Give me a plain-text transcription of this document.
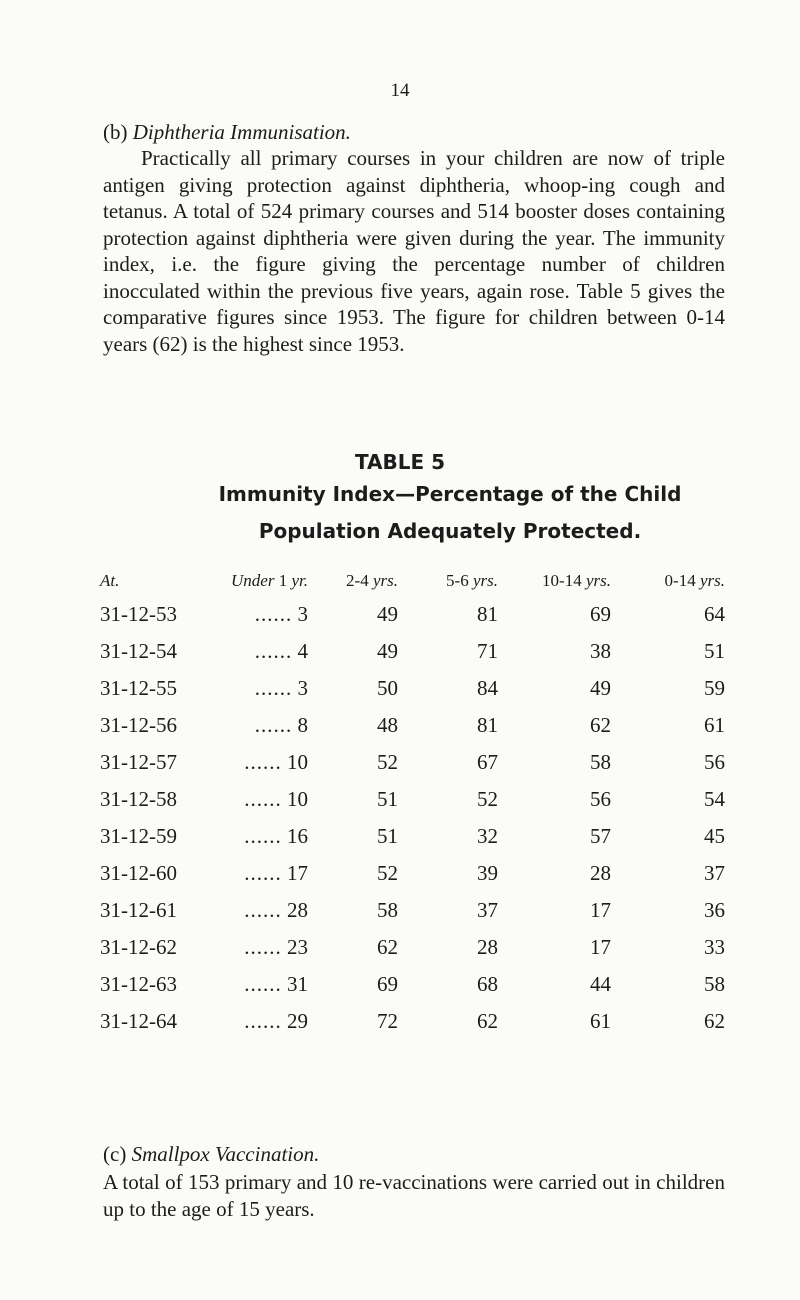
14
(b) Diphtheria Immunisation.

Practically all primary courses in your children are now of triple antigen giving protection against diphtheria, whoop-ing cough and tetanus. A total of 524 primary courses and 514 booster doses containing protection against diphtheria were given during the year. The immunity index, i.e. the figure giving the percentage number of children inocculated within the previous five years, again rose. Table 5 gives the comparative figures since 1953. The figure for children between 0-14 years (62) is the highest since 1953.

TABLE 5
Immunity Index—Percentage of the Child
Population Adequately Protected.
At.	Under 1 yr.	2-4 yrs.	5-6 yrs.	10-14 yrs.	0-14 yrs.
31-12-53	...... 3	49	81	69	64
31-12-54	...... 4	49	71	38	51
31-12-55	...... 3	50	84	49	59
31-12-56	...... 8	48	81	62	61
31-12-57	...... 10	52	67	58	56
31-12-58	...... 10	51	52	56	54
31-12-59	...... 16	51	32	57	45
31-12-60	...... 17	52	39	28	37
31-12-61	...... 28	58	37	17	36
31-12-62	...... 23	62	28	17	33
31-12-63	...... 31	69	68	44	58
31-12-64	...... 29	72	62	61	62
(c) Smallpox Vaccination.

A total of 153 primary and 10 re-vaccinations were carried out in children up to the age of 15 years.
